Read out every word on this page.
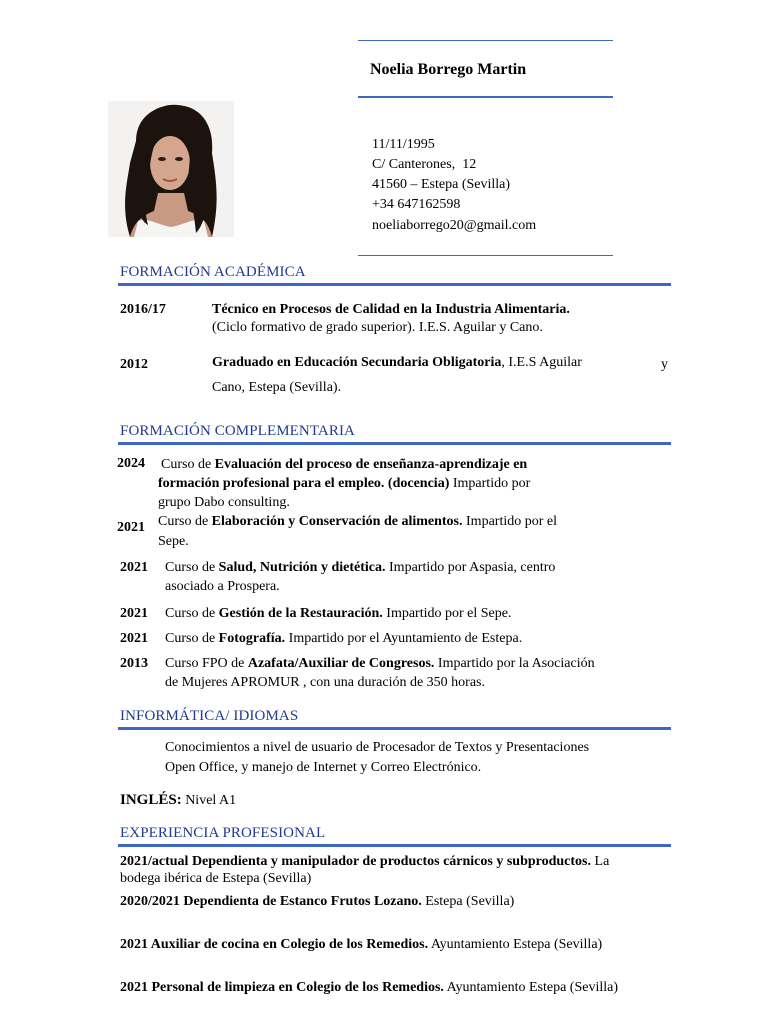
Noelia Borrego Martin
11/11/1995
C/ Canterones,  12
41560 – Estepa (Sevilla)
+34 647162598
noeliaborrego20@gmail.com
FORMACIÓN ACADÉMICA
2016/17	Técnico en Procesos de Calidad en la Industria Alimentaria.
(Ciclo formativo de grado superior). I.E.S. Aguilar y Cano.
2012	Graduado en Educación Secundaria Obligatoria, I.E.S Aguilar	y
Cano, Estepa (Sevilla).
FORMACIÓN COMPLEMENTARIA
2024 Curso de Evaluación del proceso de enseñanza-aprendizaje en
formación profesional para el empleo. (docencia) Impartido por
grupo Dabo consulting.
2021 Curso de Elaboración y Conservación de alimentos. Impartido por el
Sepe.
2021 Curso de Salud, Nutrición y dietética. Impartido por Aspasia, centro
asociado a Prospera.
2021 Curso de Gestión de la Restauración. Impartido por el Sepe.
2021 Curso de Fotografía. Impartido por el Ayuntamiento de Estepa.
2013 Curso FPO de Azafata/Auxiliar de Congresos. Impartido por la Asociación
de Mujeres APROMUR , con una duración de 350 horas.
INFORMÁTICA/ IDIOMAS
Conocimientos a nivel de usuario de Procesador de Textos y Presentaciones
Open Office, y manejo de Internet y Correo Electrónico.
INGLÉS: Nivel A1
EXPERIENCIA PROFESIONAL
2021/actual Dependienta y manipulador de productos cárnicos y subproductos. La
bodega ibérica de Estepa (Sevilla)
2020/2021 Dependienta de Estanco Frutos Lozano. Estepa (Sevilla)
2021 Auxiliar de cocina en Colegio de los Remedios. Ayuntamiento Estepa (Sevilla)
2021 Personal de limpieza en Colegio de los Remedios. Ayuntamiento Estepa (Sevilla)
